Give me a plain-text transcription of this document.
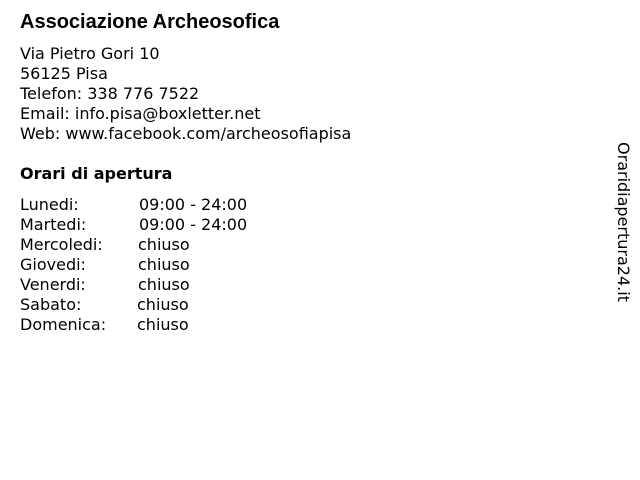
Associazione Archeosofica
Via Pietro Gori 10
56125 Pisa
Telefon: 338 776 7522
Email: info.pisa@boxletter.net
Web: www.facebook.com/archeosofiapisa
Orari di apertura
Lunedi:	09:00 - 24:00
Martedi:	09:00 - 24:00
Mercoledi: chiuso
Giovedi:	chiuso
Venerdi:	chiuso
Sabato:	chiuso
Domenica: chiuso
Oraridiapertura24.it
